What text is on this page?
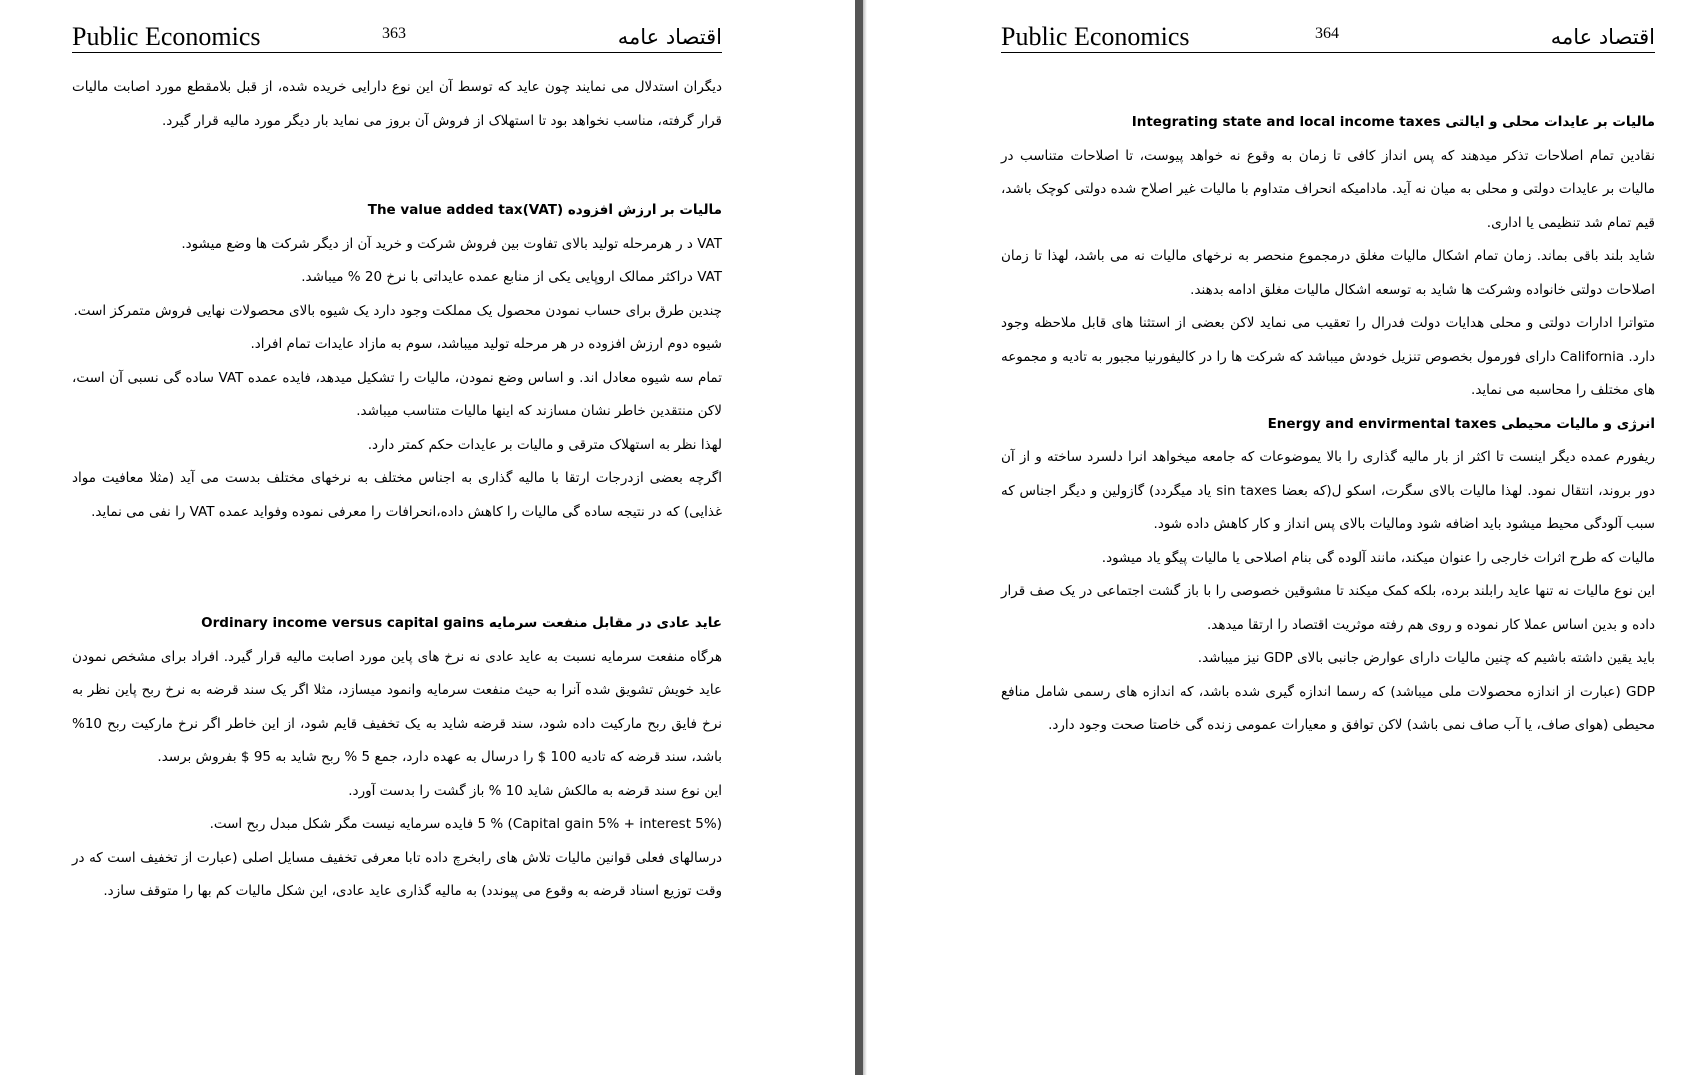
Public Economics	363	اقتصاد عامه

دیگران استدلال می نمایند چون عاید که توسط آن این نوع دارایی خریده شده، از قبل بلامقطع مورد اصابت مالیات قرار گرفته، مناسب نخواهد بود تا استهلاک از فروش آن بروز می نماید بار دیگر مورد مالیه قرار گیرد.

مالیات بر ارزش افزوده The value added tax(VAT)

VAT د ر هرمرحله تولید بالای تفاوت بین فروش شرکت و خرید آن از دیگر شرکت ها وضع میشود.

VAT دراکثر ممالک اروپایی یکی از منابع عمده عایداتی با نرخ 20 % میباشد.

چندین طرق برای حساب نمودن محصول یک مملکت وجود دارد یک شیوه بالای محصولات نهایی فروش متمرکز است.

شیوه دوم ارزش افزوده در هر مرحله تولید میباشد، سوم به مازاد عایدات تمام افراد.

تمام سه شیوه معادل اند. و اساس وضع نمودن، مالیات را تشکیل میدهد، فایده عمده VAT ساده گی نسبی آن است، لاکن منتقدین خاطر نشان مسازند که اینها مالیات متناسب میباشد.

لهذا نظر به استهلاک مترقی و مالیات بر عایدات حکم کمتر دارد.

اگرچه بعضی ازدرجات ارتقا با مالیه گذاری به اجناس مختلف به نرخهای مختلف بدست می آید (مثلا معافیت مواد غذایی) که در نتیجه ساده گی مالیات را کاهش داده،انحرافات را معرفی نموده وفواید عمده VAT را نفی می نماید.

عاید عادی در مقابل منفعت سرمایه Ordinary income versus capital gains

هرگاه منفعت سرمایه نسبت به عاید عادی نه نرخ های پاین مورد اصابت مالیه قرار گیرد. افراد برای مشخص نمودن عاید خویش تشویق شده آنرا به حیث منفعت سرمایه وانمود میسازد، مثلا اگر یک سند قرضه به نرخ ربح پاین نظر به نرخ فایق ربح مارکیت داده شود، سند قرضه شاید به یک تخفیف قایم شود، از این خاطر اگر نرخ مارکیت ربح 10% باشد، سند قرضه که تادیه 100 $ را درسال به عهده دارد، جمع 5 % ربح شاید به 95 $ بفروش برسد.

این نوع سند قرضه به مالکش شاید 10 % باز گشت را بدست آورد.

(Capital gain 5% + interest 5%) % 5 فایده سرمایه نیست مگر شکل مبدل ربح است.

درسالهای فعلی قوانین مالیات تلاش های رابخرچ داده تابا معرفی تخفیف مسایل اصلی (عبارت از تخفیف است که در وقت توزیع اسناد قرضه به وقوع می پیوندد) به مالیه گذاری عاید عادی، این شکل مالیات کم بها را متوقف سازد.

Public Economics	364	اقتصاد عامه

مالیات بر عایدات محلی و ایالتی Integrating state and local income taxes

نقادین تمام اصلاحات تذکر میدهند که پس انداز کافی تا زمان به وقوع نه خواهد پیوست، تا اصلاحات متناسب در مالیات بر عایدات دولتی و محلی به میان نه آید. مادامیکه انحراف متداوم با مالیات غیر اصلاح شده دولتی کوچک باشد، قیم تمام شد تنظیمی یا اداری.

شاید بلند باقی بماند. زمان تمام اشکال مالیات مغلق درمجموع منحصر به نرخهای مالیات نه می باشد، لهذا تا زمان اصلاحات دولتی خانواده وشرکت ها شاید به توسعه اشکال مالیات مغلق ادامه بدهند.

متواترا ادارات دولتی و محلی هدایات دولت فدرال را تعقیب می نماید لاکن بعضی از استثنا های قابل ملاحظه وجود دارد. California دارای فورمول بخصوص تنزیل خودش میباشد که شرکت ها را در کالیفورنیا مجبور به تادیه و مجموعه های مختلف را محاسبه می نماید.

انرژی و مالیات محیطی Energy and envirmental taxes

ریفورم عمده دیگر اینست تا اکثر از بار مالیه گذاری را بالا یموضوعات که جامعه میخواهد انرا دلسرد ساخته و از آن دور بروند، انتقال نمود. لهذا مالیات بالای سگرت، اسکو ل(که بعضا sin taxes یاد میگردد) گازولین و دیگر اجناس که سبب آلودگی محیط میشود باید اضافه شود ومالیات بالای پس انداز و کار کاهش داده شود.

مالیات که طرح اثرات خارجی را عنوان میکند، مانند آلوده گی بنام اصلاحی یا مالیات پیگو یاد میشود.

این نوع مالیات نه تنها عاید رابلند برده، بلکه کمک میکند تا مشوقین خصوصی را با باز گشت اجتماعی در یک صف قرار داده و بدین اساس عملا کار نموده و روی هم رفته موثریت اقتصاد را ارتقا میدهد.

باید یقین داشته باشیم که چنین مالیات دارای عوارض جانبی بالای GDP نیز میباشد.

GDP (عبارت از اندازه محصولات ملی میباشد) که رسما اندازه گیری شده باشد، که اندازه های رسمی شامل منافع محیطی (هوای صاف، یا آب صاف نمی باشد) لاکن توافق و معیارات عمومی زنده گی خاصتا صحت وجود دارد.
